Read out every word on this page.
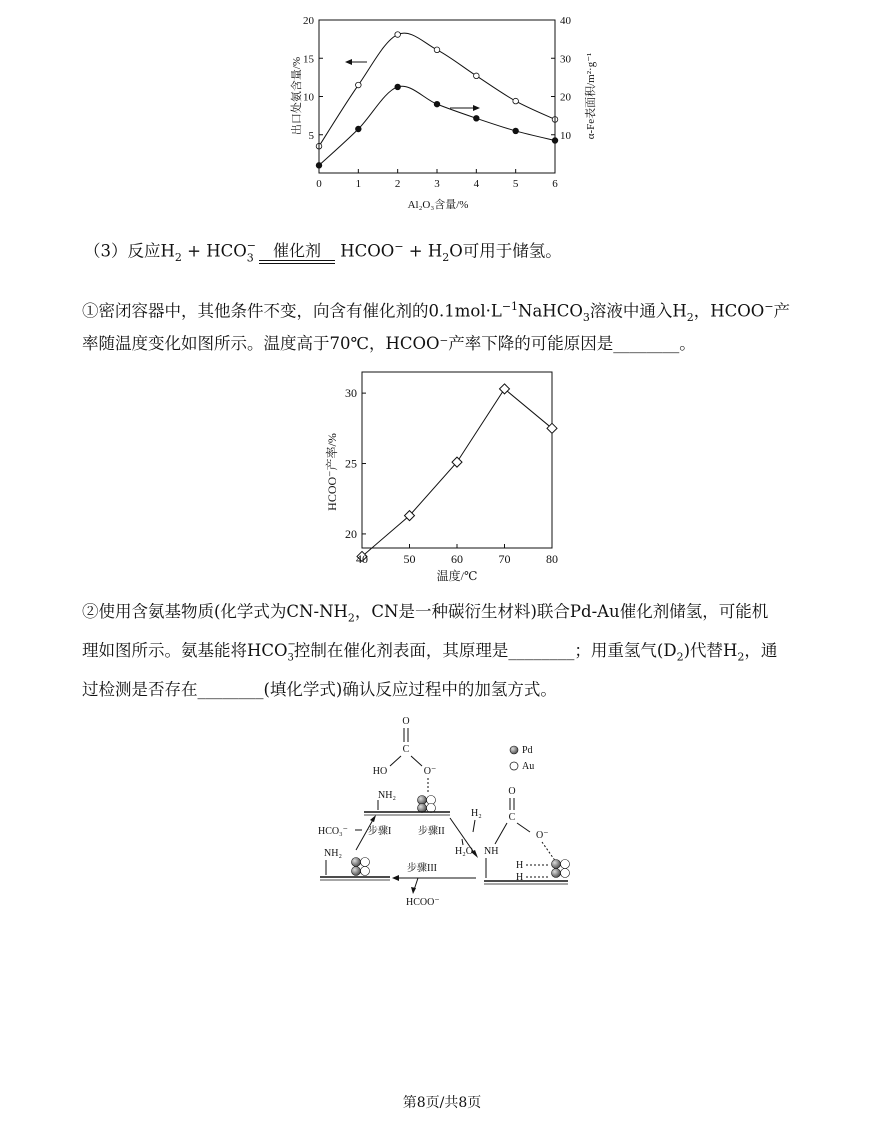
0	1	2	3	4	5	6
5
10
15
20
10
20
30
40
Al₂O₃含量/%
出口处氨含量/%	α-Fe表面积/m²·g⁻¹
（3）反应$H_2$ + HCO −
$_3$	催化剂	HCOO− + $H_2O$可用于储氢。
①密闭容器中，其他条件不变，向含有催化剂的$0.1mol\cdot L^{-1}NaHCO_3$溶液中通入$H_2$，HCOO−产
率随温度变化如图所示。温度高于70℃，HCOO⁻产率下降的可能原因是________。
40	50	60	70	80
20
25
30
温度/℃
HCOO⁻产率/%
②使用含氨基物质(化学式为$CN-NH_2$，CN是一种碳衍生材料)联合Pd-Au催化剂储氢，可能机
理如图所示。氨基能将HCO −
$_3$控制在催化剂表面，其原理是________；用重氢气$(D_2)$代替$H_2$，通
过检测是否存在________(填化学式)确认反应过程中的加氢方式。
O
C
HO	O⁻
Pd
Au
NH₂
HCO₃⁻ 步骤I	步骤II
H₂
H₂O
O
C
O⁻
NH
H
H
NH₂
步骤III
HCOO⁻
第8页/共8页
